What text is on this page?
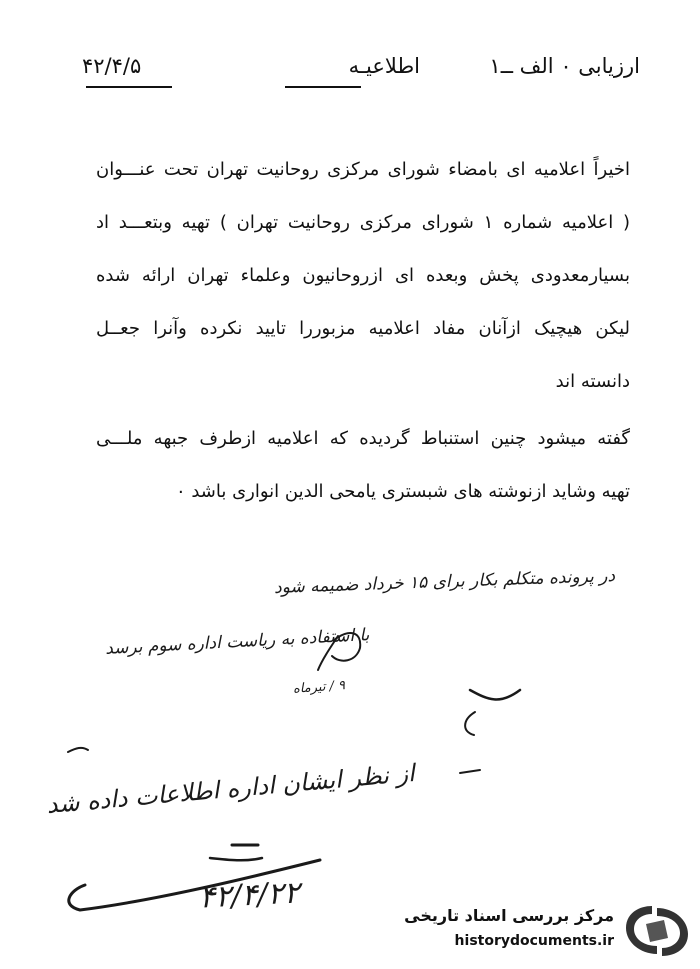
ارزیابی ۰ الف ــ۱
اطلاعیـه
۴۲/۴/۵
اخیراً اعلامیه ای بامضاء شورای مرکزی روحانیت تهران تحت عنـــوان
( اعلامیه شماره ۱ شورای مرکزی روحانیت تهران ) تهیه وبتعـــد اد
بسیارمعدودی پخش وبعده ای ازروحانیون وعلماء تهران ارائه شده
لیکن هیچیک ازآنان مفاد اعلامیه مزبوررا تایید نکرده وآنرا جعــل
دانسته اند
گفته میشود چنین استنباط گردیده که اعلامیه ازطرف جبهه ملـــی
تهیه وشاید ازنوشته های شبستری یامحی الدین انواری باشد ۰
در پرونده متکلم بکار برای ۱۵ خرداد ضمیمه شود
با استفاده به ریاست اداره سوم برسد
۹ / تیرماه
از نظر ایشان اداره اطلاعات داده شد
۴۲/۴/۲۲	مرکز بررسی اسناد تاریخی
historydocuments.ir
